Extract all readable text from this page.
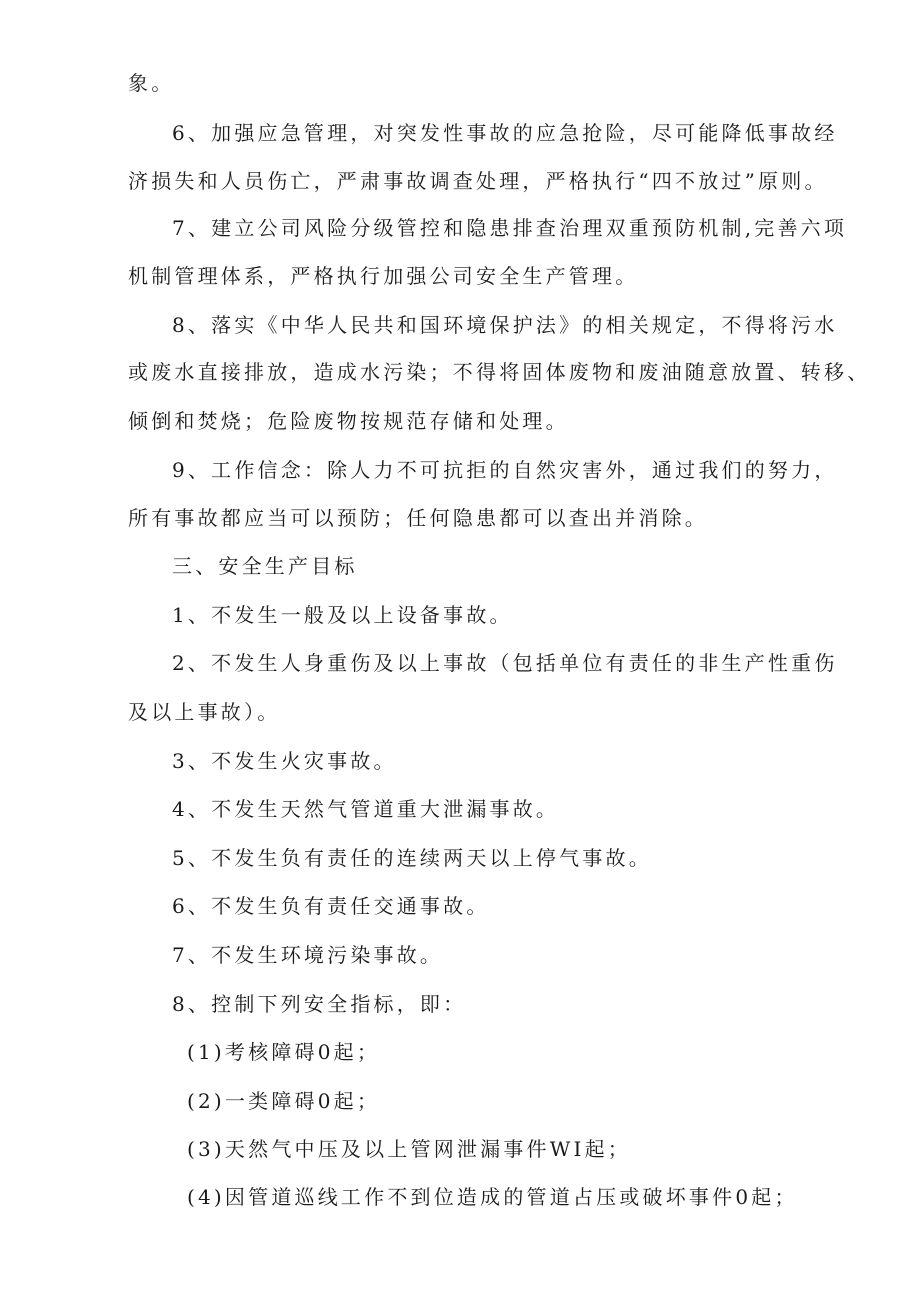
象。

6、加强应急管理，对突发性事故的应急抢险，尽可能降低事故经

济损失和人员伤亡，严肃事故调查处理，严格执行“四不放过”原则。

7、建立公司风险分级管控和隐患排查治理双重预防机制,完善六项

机制管理体系，严格执行加强公司安全生产管理。

8、落实《中华人民共和国环境保护法》的相关规定，不得将污水

或废水直接排放，造成水污染；不得将固体废物和废油随意放置、转移、

倾倒和焚烧；危险废物按规范存储和处理。

9、工作信念：除人力不可抗拒的自然灾害外，通过我们的努力，

所有事故都应当可以预防；任何隐患都可以查出并消除。

三、安全生产目标

1、不发生一般及以上设备事故。

2、不发生人身重伤及以上事故（包括单位有责任的非生产性重伤

及以上事故）。

3、不发生火灾事故。

4、不发生天然气管道重大泄漏事故。

5、不发生负有责任的连续两天以上停气事故。

6、不发生负有责任交通事故。

7、不发生环境污染事故。

8、控制下列安全指标，即：

(1)考核障碍0起；

(2)一类障碍0起；

(3)天然气中压及以上管网泄漏事件WI起；

(4)因管道巡线工作不到位造成的管道占压或破坏事件0起；
